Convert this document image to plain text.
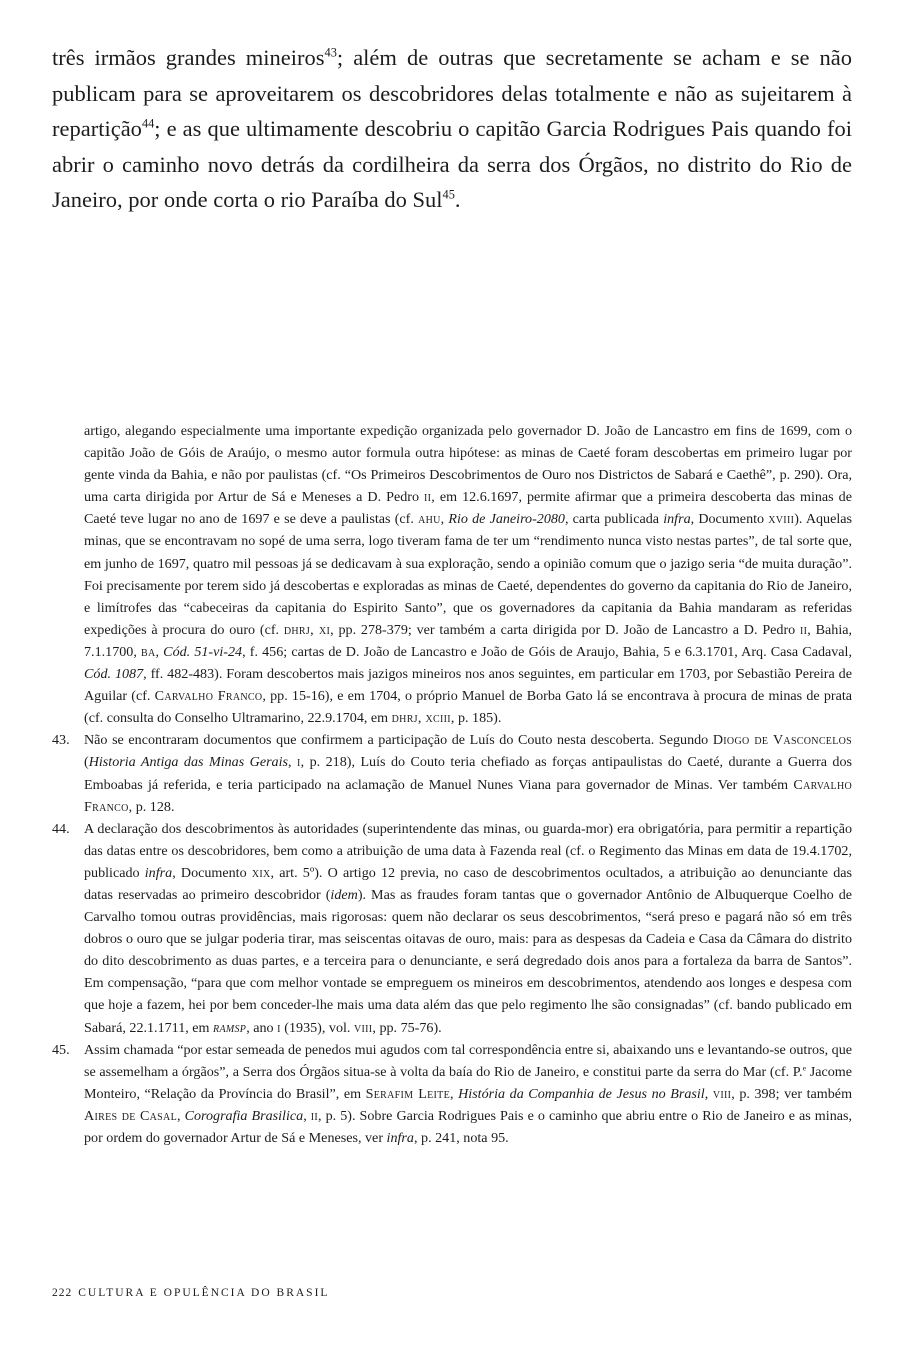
três irmãos grandes mineiros$^{43}$; além de outras que secretamente se acham e se não publicam para se aproveitarem os descobridores delas totalmente e não as sujeitarem à repartição$^{44}$; e as que ultimamente descobriu o capitão Garcia Rodrigues Pais quando foi abrir o caminho novo detrás da cordilheira da serra dos Órgãos, no distrito do Rio de Janeiro, por onde corta o rio Paraíba do Sul$^{45}$.

artigo, alegando especialmente uma importante expedição organizada pelo governador D. João de Lancastro em fins de 1699, com o capitão João de Góis de Araújo, o mesmo autor formula outra hipótese: as minas de Caeté foram descobertas em primeiro lugar por gente vinda da Bahia, e não por paulistas (cf. “Os Primeiros Descobrimentos de Ouro nos Districtos de Sabará e Caethê”, p. 290). Ora, uma carta dirigida por Artur de Sá e Meneses a D. Pedro ii, em 12.6.1697, permite afirmar que a primeira descoberta das minas de Caeté teve lugar no ano de 1697 e se deve a paulistas (cf. ahu, Rio de Janeiro-2080, carta publicada infra, Documento xviii). Aquelas minas, que se encontravam no sopé de uma serra, logo tiveram fama de ter um “rendimento nunca visto nestas partes”, de tal sorte que, em junho de 1697, quatro mil pessoas já se dedicavam à sua exploração, sendo a opinião comum que o jazigo seria “de muita duração”. Foi precisamente por terem sido já descobertas e exploradas as minas de Caeté, dependentes do governo da capitania do Rio de Janeiro, e limítrofes das “cabeceiras da capitania do Espirito Santo”, que os governadores da capitania da Bahia mandaram as referidas expedições à procura do ouro (cf. dhrj, xi, pp. 278-379; ver também a carta dirigida por D. João de Lancastro a D. Pedro ii, Bahia, 7.1.1700, ba, Cód. 51-vi-24, f. 456; cartas de D. João de Lancastro e João de Góis de Araujo, Bahia, 5 e 6.3.1701, Arq. Casa Cadaval, Cód. 1087, ff. 482-483). Foram descobertos mais jazigos mineiros nos anos seguintes, em particular em 1703, por Sebastião Pereira de Aguilar (cf. Carvalho Franco, pp. 15-16), e em 1704, o próprio Manuel de Borba Gato lá se encontrava à procura de minas de prata (cf. consulta do Conselho Ultramarino, 22.9.1704, em dhrj, xciii, p. 185).

43. Não se encontraram documentos que confirmem a participação de Luís do Couto nesta descoberta. Segundo Diogo de Vasconcelos (Historia Antiga das Minas Gerais, i, p. 218), Luís do Couto teria chefiado as forças antipaulistas do Caeté, durante a Guerra dos Emboabas já referida, e teria participado na aclamação de Manuel Nunes Viana para governador de Minas. Ver também Carvalho Franco, p. 128.

44. A declaração dos descobrimentos às autoridades (superintendente das minas, ou guarda-mor) era obrigatória, para permitir a repartição das datas entre os descobridores, bem como a atribuição de uma data à Fazenda real (cf. o Regimento das Minas em data de 19.4.1702, publicado infra, Documento xix, art. 5º). O artigo 12 previa, no caso de descobrimentos ocultados, a atribuição ao denunciante das datas reservadas ao primeiro descobridor (idem). Mas as fraudes foram tantas que o governador Antônio de Albuquerque Coelho de Carvalho tomou outras providências, mais rigorosas: quem não declarar os seus descobrimentos, “será preso e pagará não só em três dobros o ouro que se julgar poderia tirar, mas seiscentas oitavas de ouro, mais: para as despesas da Cadeia e Casa da Câmara do distrito do dito descobrimento as duas partes, e a terceira para o denunciante, e será degredado dois anos para a fortaleza da barra de Santos”. Em compensação, “para que com melhor vontade se empreguem os mineiros em descobrimentos, atendendo aos longes e despesa com que hoje a fazem, hei por bem conceder-lhe mais uma data além das que pelo regimento lhe são consignadas” (cf. bando publicado em Sabará, 22.1.1711, em ramsp, ano i (1935), vol. viii, pp. 75-76).

45. Assim chamada “por estar semeada de penedos mui agudos com tal correspondência entre si, abaixando uns e levantando-se outros, que se assemelham a órgãos”, a Serra dos Órgãos situa-se à volta da baía do Rio de Janeiro, e constitui parte da serra do Mar (cf. P.$^e$ Jacome Monteiro, “Relação da Província do Brasil”, em Serafim Leite, História da Companhia de Jesus no Brasil, viii, p. 398; ver também Aires de Casal, Corografia Brasilica, ii, p. 5). Sobre Garcia Rodrigues Pais e o caminho que abriu entre o Rio de Janeiro e as minas, por ordem do governador Artur de Sá e Meneses, ver infra, p. 241, nota 95.

222 CULTURA E OPULÊNCIA DO BRASIL
